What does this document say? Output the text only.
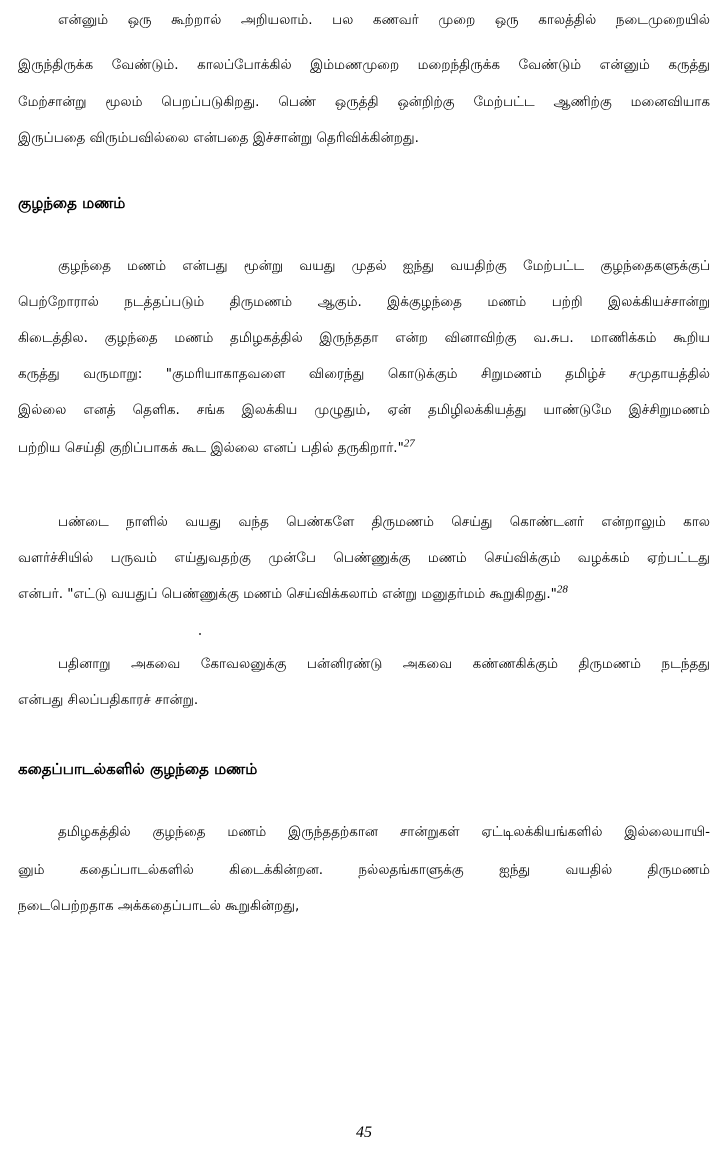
என்னும் ஒரு கூற்றால் அறியலாம். பல கணவர் முறை ஒரு காலத்தில் நடைமுறையில்
இருந்திருக்க வேண்டும். காலப்போக்கில் இம்மணமுறை மறைந்திருக்க வேண்டும் என்னும் கருத்து
மேற்சான்று மூலம் பெறப்படுகிறது. பெண் ஒருத்தி ஒன்றிற்கு மேற்பட்ட ஆணிற்கு மனைவியாக
இருப்பதை விரும்பவில்லை என்பதை இச்சான்று தெரிவிக்கின்றது.
குழந்தை மணம்
குழந்தை மணம் என்பது மூன்று வயது முதல் ஐந்து வயதிற்கு மேற்பட்ட குழந்தைகளுக்குப்
பெற்றோரால் நடத்தப்படும் திருமணம் ஆகும். இக்குழந்தை மணம் பற்றி இலக்கியச்சான்று
கிடைத்தில. குழந்தை மணம் தமிழகத்தில் இருந்ததா என்ற வினாவிற்கு வ.சுப. மாணிக்கம் கூறிய
கருத்து வருமாறு: "குமரியாகாதவளை விரைந்து கொடுக்கும் சிறுமணம் தமிழ்ச் சமுதாயத்தில்
இல்லை எனத் தெளிக. சங்க இலக்கிய முழுதும், ஏன் தமிழிலக்கியத்து யாண்டுமே இச்சிறுமணம்
பற்றிய செய்தி குறிப்பாகக் கூட இல்லை எனப் பதில் தருகிறார்."$^{27}$
பண்டை நாளில் வயது வந்த பெண்களே திருமணம் செய்து கொண்டனர் என்றாலும் கால
வளர்ச்சியில் பருவம் எய்துவதற்கு முன்பே பெண்ணுக்கு மணம் செய்விக்கும் வழக்கம் ஏற்பட்டது
என்பர். "எட்டு வயதுப் பெண்ணுக்கு மணம் செய்விக்கலாம் என்று மனுதர்மம் கூறுகிறது."$^{28}$
பதினாறு அகவை கோவலனுக்கு பன்னிரண்டு அகவை கண்ணகிக்கும் திருமணம் நடந்தது
என்பது சிலப்பதிகாரச் சான்று.
கதைப்பாடல்களில் குழந்தை மணம்
தமிழகத்தில் குழந்தை மணம் இருந்ததற்கான சான்றுகள் ஏட்டிலக்கியங்களில் இல்லையாயி-
னும் கதைப்பாடல்களில் கிடைக்கின்றன. நல்லதங்காளுக்கு ஐந்து வயதில் திருமணம்
நடைபெற்றதாக அக்கதைப்பாடல் கூறுகின்றது,
45
